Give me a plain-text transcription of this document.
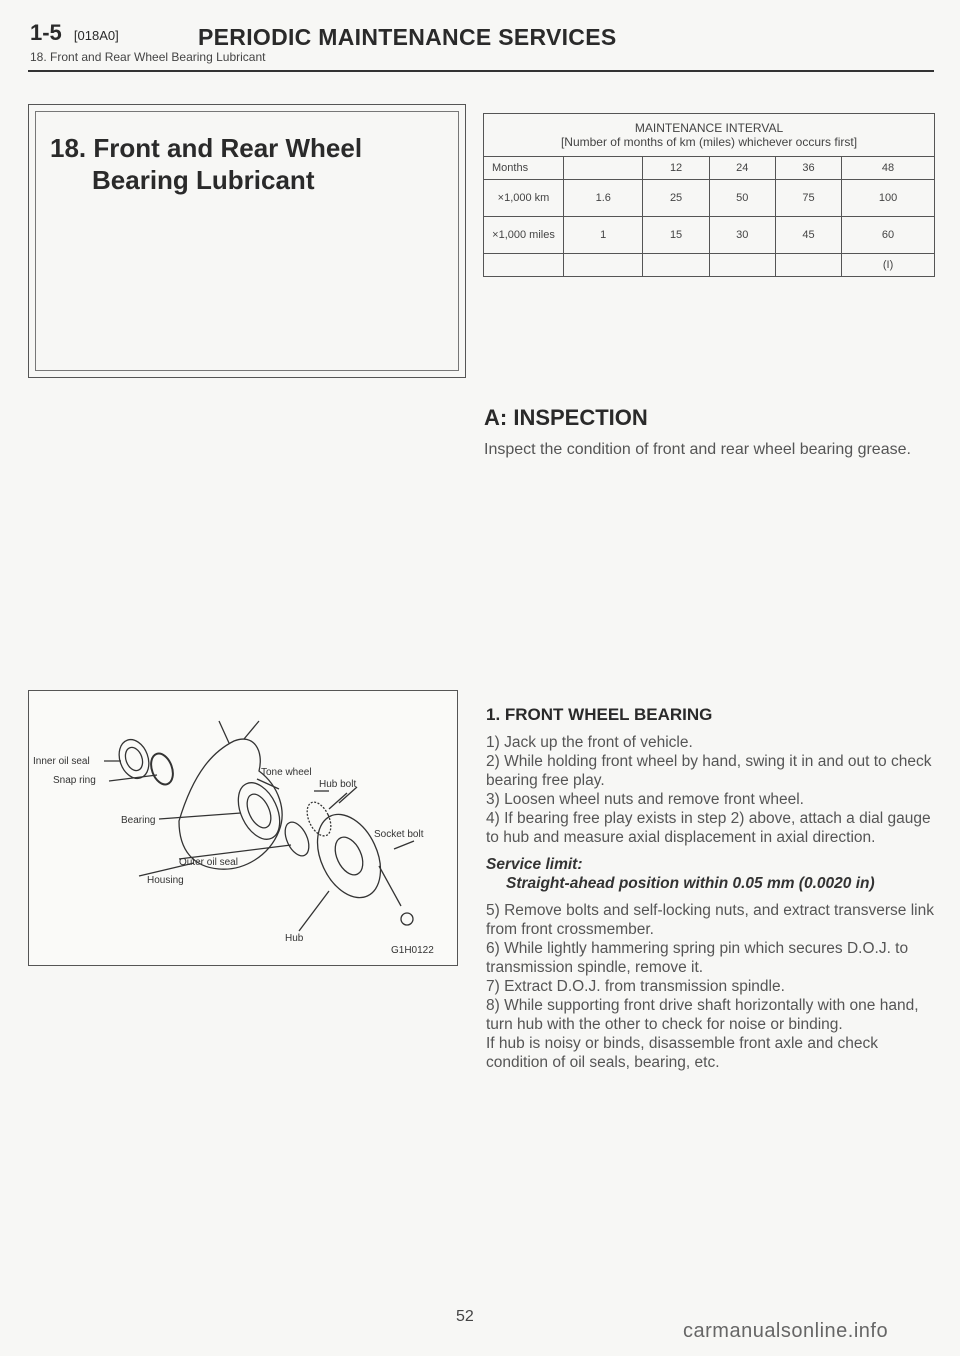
1-5 [018A0]	PERIODIC MAINTENANCE SERVICES
18. Front and Rear Wheel Bearing Lubricant
18. Front and Rear Wheel
Bearing Lubricant
MAINTENANCE INTERVAL
[Number of months of km (miles) whichever occurs first]					

Months		12	24	36	48
×1,000 km	1.6	25	50	75	100
×1,000 miles	1	15	30	45	60
					(I)
A: INSPECTION
Inspect the condition of front and rear wheel bearing grease.
Inner oil seal
Snap ring
Bearing
Tone wheel
Hub bolt
Socket bolt
Outer oil seal
Housing
Hub
G1H0122
1. FRONT WHEEL BEARING

1) Jack up the front of vehicle.

2) While holding front wheel by hand, swing it in and out to check bearing free play.

3) Loosen wheel nuts and remove front wheel.

4) If bearing free play exists in step 2) above, attach a dial gauge to hub and measure axial displacement in axial direction.

Service limit:

Straight-ahead position within 0.05 mm (0.0020 in)

5) Remove bolts and self-locking nuts, and extract transverse link from front crossmember.

6) While lightly hammering spring pin which secures D.O.J. to transmission spindle, remove it.

7) Extract D.O.J. from transmission spindle.

8) While supporting front drive shaft horizontally with one hand, turn hub with the other to check for noise or binding.

If hub is noisy or binds, disassemble front axle and check condition of oil seals, bearing, etc.

52
carmanualsonline.info
